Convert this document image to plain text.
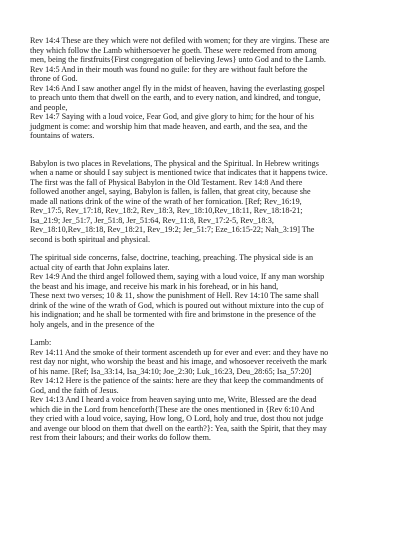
Rev 14:4 These are they which were not defiled with women; for they are virgins. These are
they which follow the Lamb whithersoever he goeth. These were redeemed from among
men, being the firstfruits{First congregation of believing Jews} unto God and to the Lamb.
Rev 14:5 And in their mouth was found no guile: for they are without fault before the
throne of God.
Rev 14:6 And I saw another angel fly in the midst of heaven, having the everlasting gospel
to preach unto them that dwell on the earth, and to every nation, and kindred, and tongue,
and people,
Rev 14:7 Saying with a loud voice, Fear God, and give glory to him; for the hour of his
judgment is come: and worship him that made heaven, and earth, and the sea, and the
fountains of waters.
Babylon is two places in Revelations, The physical and the Spiritual. In Hebrew writings
when a name or should I say subject is mentioned twice that indicates that it happens twice.
The first was the fall of Physical Babylon in the Old Testament. Rev 14:8 And there
followed another angel, saying, Babylon is fallen, is fallen, that great city, because she
made all nations drink of the wine of the wrath of her fornication. [Ref; Rev_16:19,
Rev_17:5, Rev_17:18, Rev_18:2, Rev_18:3, Rev_18:10,Rev_18:11, Rev_18:18-21;
Isa_21:9; Jer_51:7, Jer_51:8, Jer_51:64, Rev_11:8, Rev_17:2-5, Rev_18:3,
Rev_18:10,Rev_18:18, Rev_18:21, Rev_19:2; Jer_51:7; Eze_16:15-22; Nah_3:19] The
second is both spiritual and physical.
The spiritual side concerns, false, doctrine, teaching, preaching. The physical side is an
actual city of earth that John explains later.
Rev 14:9 And the third angel followed them, saying with a loud voice, If any man worship
the beast and his image, and receive his mark in his forehead, or in his hand,
These next two verses; 10 & 11, show the punishment of Hell. Rev 14:10 The same shall
drink of the wine of the wrath of God, which is poured out without mixture into the cup of
his indignation; and he shall be tormented with fire and brimstone in the presence of the
holy angels, and in the presence of the
Lamb:
Rev 14:11 And the smoke of their torment ascendeth up for ever and ever: and they have no
rest day nor night, who worship the beast and his image, and whosoever receiveth the mark
of his name. [Ref; Isa_33:14, Isa_34:10; Joe_2:30; Luk_16:23, Deu_28:65; Isa_57:20]
Rev 14:12 Here is the patience of the saints: here are they that keep the commandments of
God, and the faith of Jesus.
Rev 14:13 And I heard a voice from heaven saying unto me, Write, Blessed are the dead
which die in the Lord from henceforth{These are the ones mentioned in {Rev 6:10 And
they cried with a loud voice, saying, How long, O Lord, holy and true, dost thou not judge
and avenge our blood on them that dwell on the earth?}: Yea, saith the Spirit, that they may
rest from their labours; and their works do follow them.
